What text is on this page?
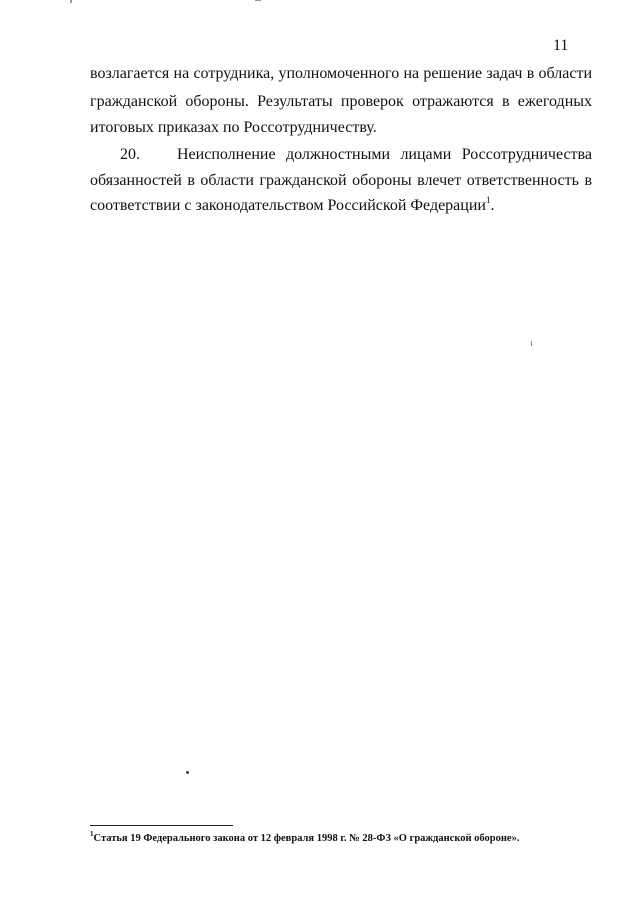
11
возлагается на сотрудника, уполномоченного на решение задач в области
гражданской обороны. Результаты проверок отражаются в ежегодных
итоговых приказах по Россотрудничеству.
20.	Неисполнение должностными лицами Россотрудничества
обязанностей в области гражданской обороны влечет ответственность в
соответствии с законодательством Российской Федерации$^1$.
$^1$Статья 19 Федерального закона от 12 февраля 1998 г. № 28-ФЗ «О гражданской обороне».
